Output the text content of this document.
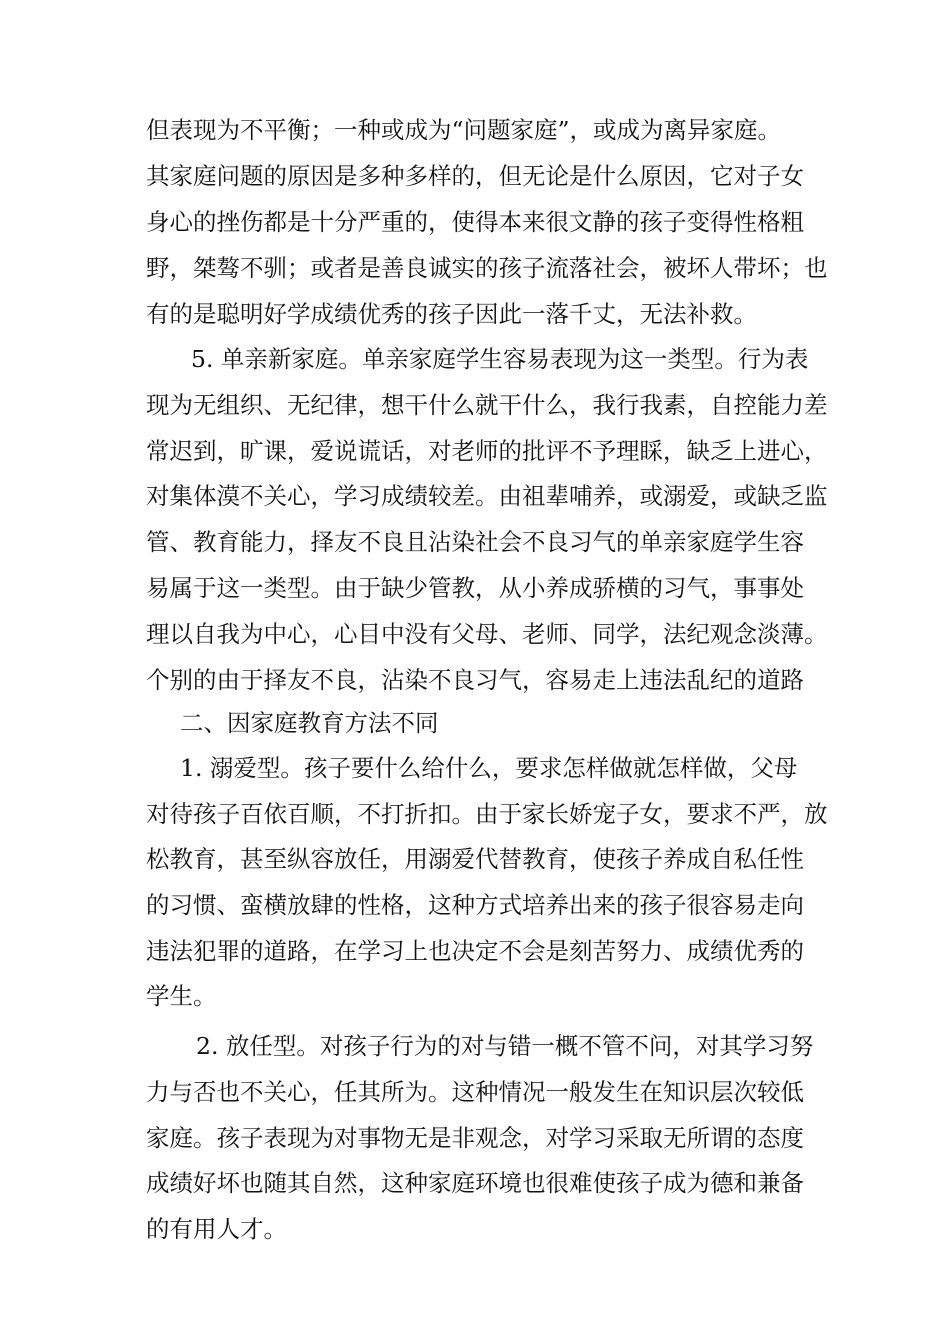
但表现为不平衡；一种或成为“问题家庭”，或成为离异家庭。
其家庭问题的原因是多种多样的，但无论是什么原因，它对子女
身心的挫伤都是十分严重的，使得本来很文静的孩子变得性格粗
野，桀骜不驯；或者是善良诚实的孩子流落社会，被坏人带坏；也
有的是聪明好学成绩优秀的孩子因此一落千丈，无法补救。
5. 单亲新家庭。单亲家庭学生容易表现为这一类型。行为表
现为无组织、无纪律，想干什么就干什么，我行我素，自控能力差
常迟到，旷课，爱说谎话，对老师的批评不予理睬，缺乏上进心，
对集体漠不关心，学习成绩较差。由祖辈哺养，或溺爱，或缺乏监
管、教育能力，择友不良且沾染社会不良习气的单亲家庭学生容
易属于这一类型。由于缺少管教，从小养成骄横的习气，事事处
理以自我为中心，心目中没有父母、老师、同学，法纪观念淡薄。
个别的由于择友不良，沾染不良习气，容易走上违法乱纪的道路
二、因家庭教育方法不同
1. 溺爱型。孩子要什么给什么，要求怎样做就怎样做，父母
对待孩子百依百顺，不打折扣。由于家长娇宠子女，要求不严，放
松教育，甚至纵容放任，用溺爱代替教育，使孩子养成自私任性
的习惯、蛮横放肆的性格，这种方式培养出来的孩子很容易走向
违法犯罪的道路，在学习上也决定不会是刻苦努力、成绩优秀的
学生。
2. 放任型。对孩子行为的对与错一概不管不问，对其学习努
力与否也不关心，任其所为。这种情况一般发生在知识层次较低
家庭。孩子表现为对事物无是非观念，对学习采取无所谓的态度
成绩好坏也随其自然，这种家庭环境也很难使孩子成为德和兼备
的有用人才。
